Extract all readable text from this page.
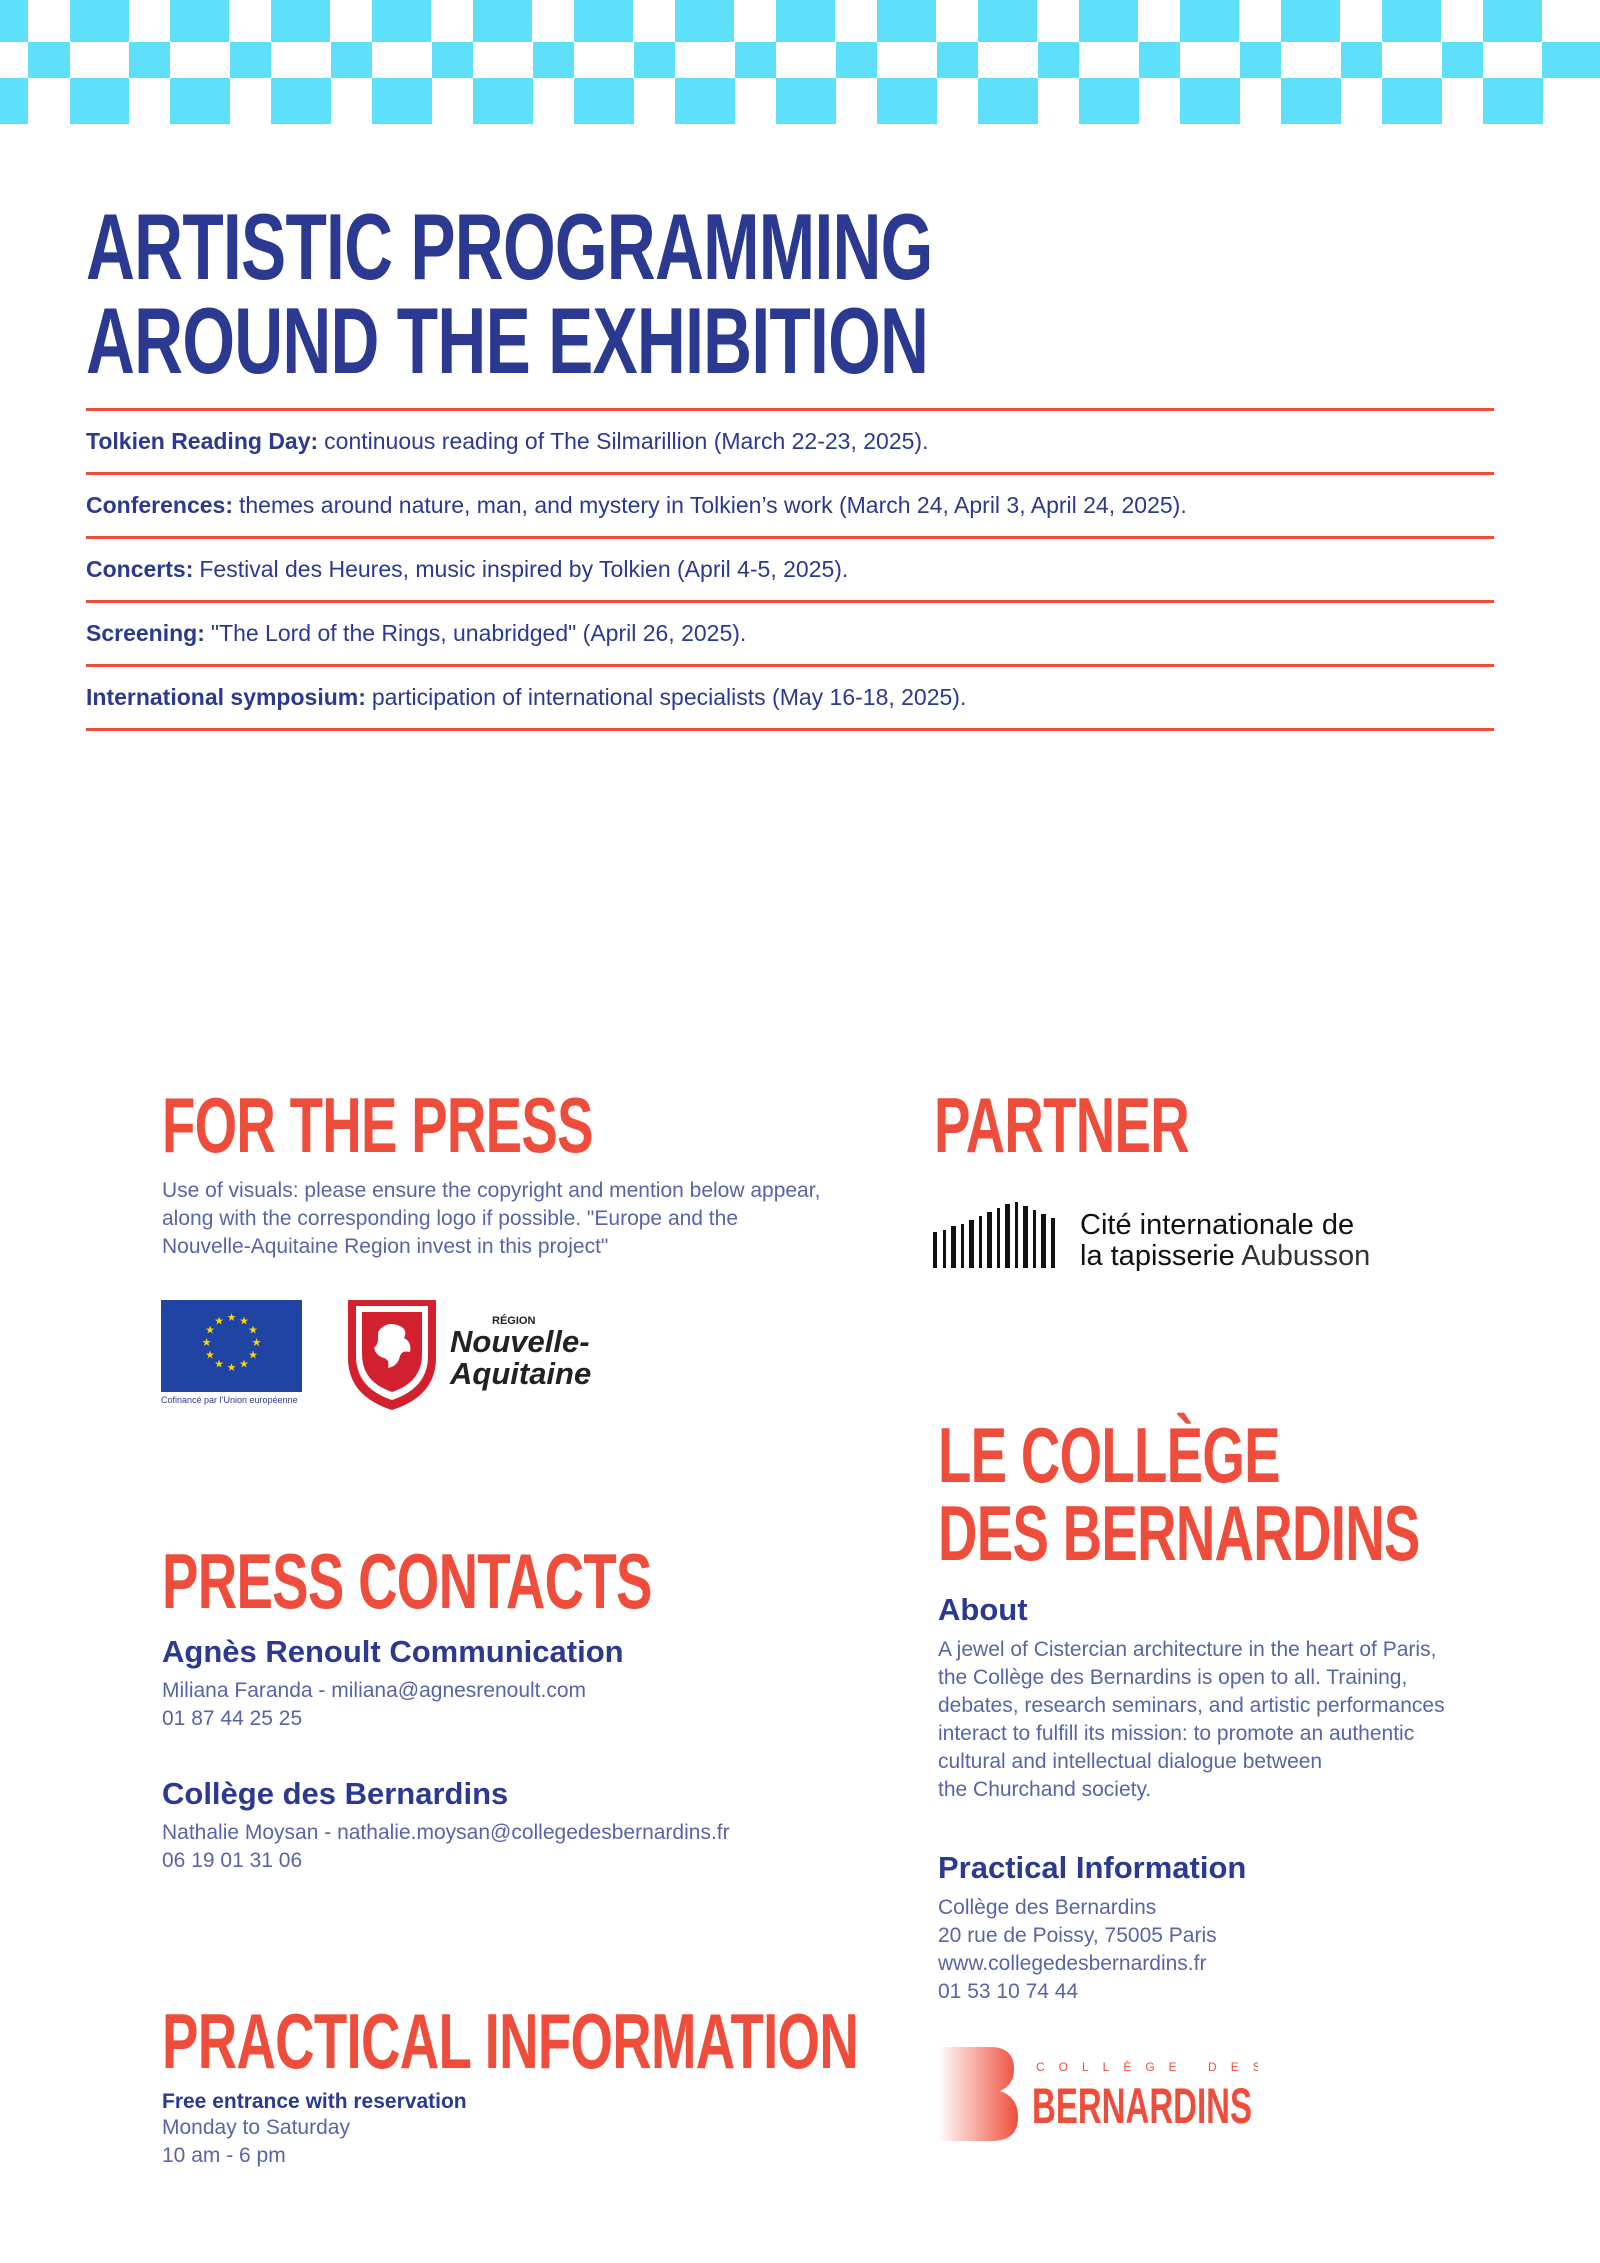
ARTISTIC PROGRAMMING
AROUND THE EXHIBITION
Tolkien Reading Day: continuous reading of The Silmarillion (March 22-23, 2025).
Conferences: themes around nature, man, and mystery in Tolkien’s work (March 24, April 3, April 24, 2025).
Concerts: Festival des Heures, music inspired by Tolkien (April 4-5, 2025).
Screening: "The Lord of the Rings, unabridged" (April 26, 2025).
International symposium: participation of international specialists (May 16-18, 2025).
FOR THE PRESS

Use of visuals: please ensure the copyright and mention below appear,
along with the corresponding logo if possible. "Europe and the
Nouvelle-Aquitaine Region invest in this project"

★ ★
★
★
★
★
★
★
★
★
★
★
Cofinancé par l’Union européenne
RÉGION
Nouvelle-
Aquitaine
PARTNER
Cité internationale de
la tapisserie Aubusson
PRESS CONTACTS

Agnès Renoult Communication

Miliana Faranda - miliana@agnesrenoult.com
01 87 44 25 25

Collège des Bernardins

Nathalie Moysan - nathalie.moysan@collegedesbernardins.fr
06 19 01 31 06

PRACTICAL INFORMATION

Free entrance with reservation

Monday to Saturday
10 am - 6 pm

LE COLLÈGE
DES BERNARDINS

About

A jewel of Cistercian architecture in the heart of Paris,
the Collège des Bernardins is open to all. Training,
debates, research seminars, and artistic performances
interact to fulfill its mission: to promote an authentic
cultural and intellectual dialogue between
the Churchand society.

Practical Information

Collège des Bernardins
20 rue de Poissy, 75005 Paris
www.collegedesbernardins.fr
01 53 10 74 44

COLLÈGE DES
BERNARDINS
